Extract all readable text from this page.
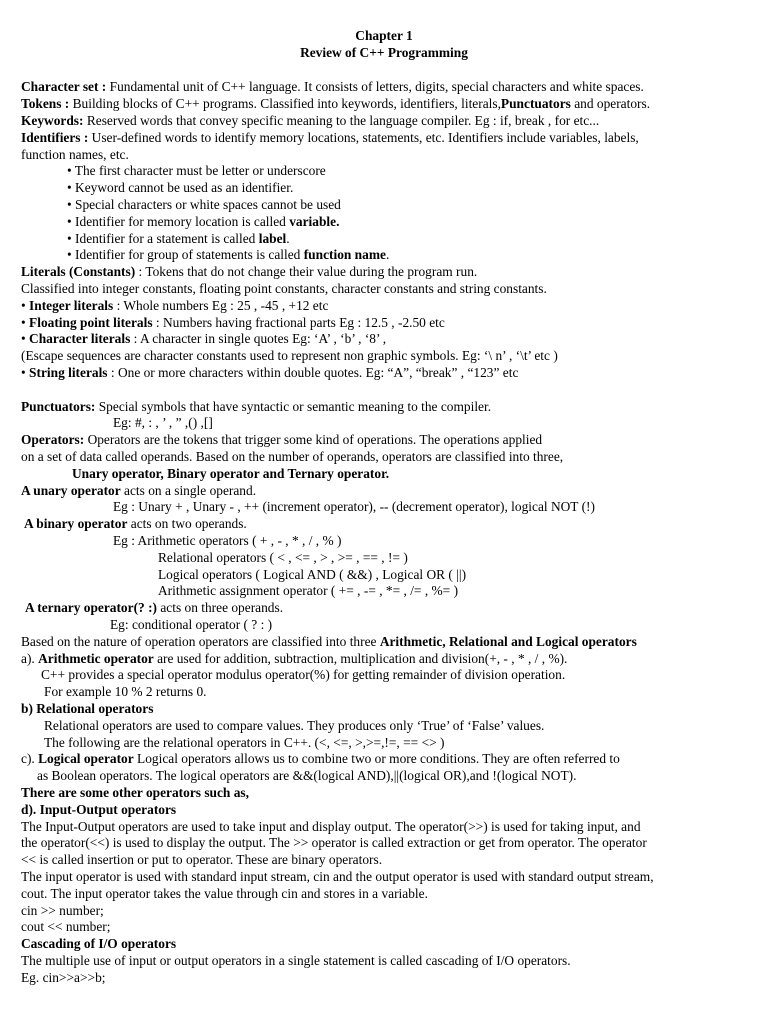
Chapter 1
Review of C++ Programming
Character set : Fundamental unit of C++ language. It consists of letters, digits, special characters and white spaces.
Tokens : Building blocks of C++ programs. Classified into keywords, identifiers, literals,Punctuators and operators.
Keywords: Reserved words that convey specific meaning to the language compiler. Eg : if, break , for etc...
Identifiers : User-defined words to identify memory locations, statements, etc. Identifiers include variables, labels,
function names, etc.
• The first character must be letter or underscore
• Keyword cannot be used as an identifier.
• Special characters or white spaces cannot be used
• Identifier for memory location is called variable.
• Identifier for a statement is called label.
• Identifier for group of statements is called function name.
Literals (Constants) : Tokens that do not change their value during the program run.
Classified into integer constants, floating point constants, character constants and string constants.
• Integer literals : Whole numbers Eg : 25 , -45 , +12 etc
• Floating point literals : Numbers having fractional parts Eg : 12.5 , -2.50 etc
• Character literals : A character in single quotes Eg: ‘A’ , ‘b’ , ‘8’ ,
(Escape sequences are character constants used to represent non graphic symbols. Eg: ‘\ n’ , ‘\t’ etc )
• String literals : One or more characters within double quotes. Eg: “A”, “break” , “123” etc
Punctuators: Special symbols that have syntactic or semantic meaning to the compiler.
Eg: #, : , ’ , ” ,() ,[]
Operators: Operators are the tokens that trigger some kind of operations. The operations applied
on a set of data called operands. Based on the number of operands, operators are classified into three,
Unary operator, Binary operator and Ternary operator.
A unary operator acts on a single operand.
Eg : Unary + , Unary - , ++ (increment operator), -- (decrement operator), logical NOT (!)
A binary operator acts on two operands.
Eg : Arithmetic operators ( + , - , * , / , % )
Relational operators ( < , <= , > , >= , == , != )
Logical operators ( Logical AND ( &&) , Logical OR ( ||)
Arithmetic assignment operator ( += , -= , *= , /= , %= )
A ternary operator(? :) acts on three operands.
Eg: conditional operator ( ? : )
Based on the nature of operation operators are classified into three Arithmetic, Relational and Logical operators
a). Arithmetic operator are used for addition, subtraction, multiplication and division(+, - , * , / , %).
C++ provides a special operator modulus operator(%) for getting remainder of division operation.
For example 10 % 2 returns 0.
b) Relational operators
Relational operators are used to compare values. They produces only ‘True’ of ‘False’ values.
The following are the relational operators in C++. (<, <=, >,>=,!=, == <> )
c). Logical operator Logical operators allows us to combine two or more conditions. They are often referred to
as Boolean operators. The logical operators are &&(logical AND),||(logical OR),and !(logical NOT).
There are some other operators such as,
d). Input-Output operators
The Input-Output operators are used to take input and display output. The operator(>>) is used for taking input, and
the operator(<<) is used to display the output. The >> operator is called extraction or get from operator. The operator
<< is called insertion or put to operator. These are binary operators.
The input operator is used with standard input stream, cin and the output operator is used with standard output stream,
cout. The input operator takes the value through cin and stores in a variable.
cin >> number;
cout << number;
Cascading of I/O operators
The multiple use of input or output operators in a single statement is called cascading of I/O operators.
Eg. cin>>a>>b;
